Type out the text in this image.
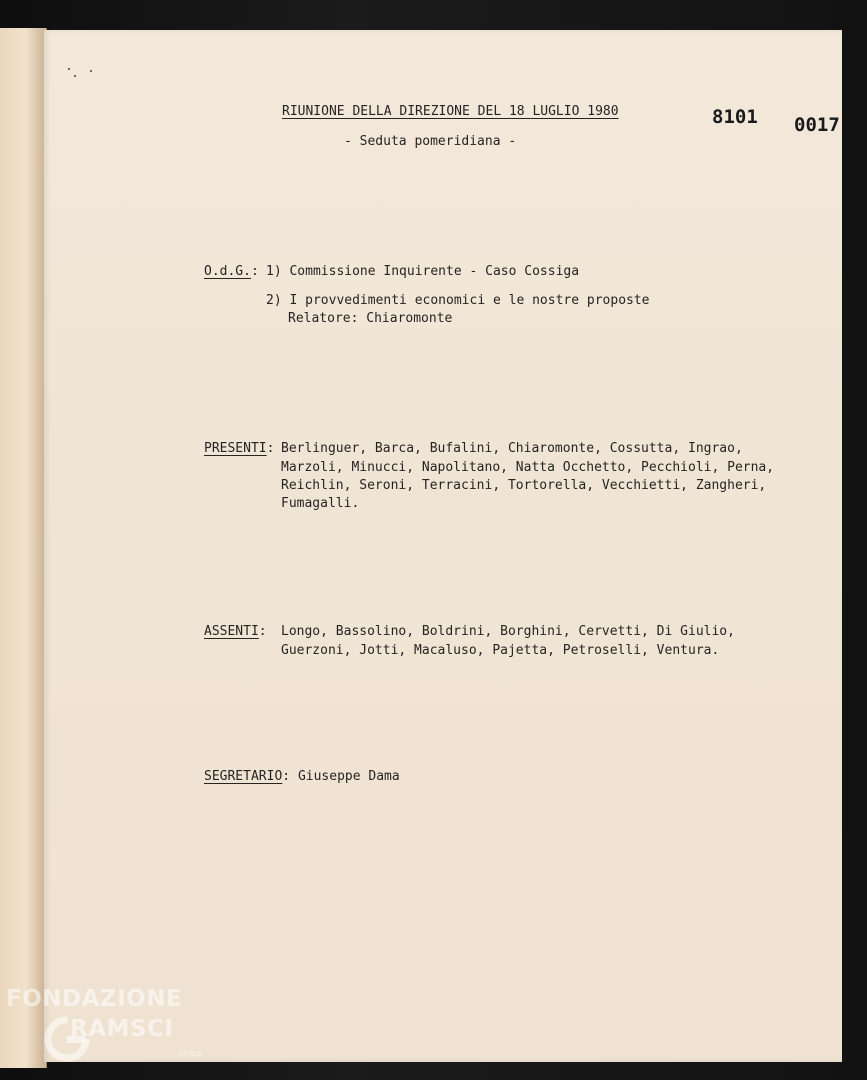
RIUNIONE DELLA DIREZIONE DEL 18 LUGLIO 1980

- Seduta pomeridiana -

8101 0017
O.d.G.: 1) Commissione Inquirente - Caso Cossiga
2) I provvedimenti economici e le nostre proposte
Relatore: Chiaromonte
PRESENTI: Berlinguer, Barca, Bufalini, Chiaromonte, Cossutta, Ingrao,
Marzoli, Minucci, Napolitano, Natta Occhetto, Pecchioli, Perna,
Reichlin, Seroni, Terracini, Tortorella, Vecchietti, Zangheri,
Fumagalli.
ASSENTI: Longo, Bassolino, Boldrini, Borghini, Cervetti, Di Giulio,
Guerzoni, Jotti, Macaluso, Pajetta, Petroselli, Ventura.
SEGRETARIO: Giuseppe Dama
FONDAZIONE
RAMSCI
onlus
